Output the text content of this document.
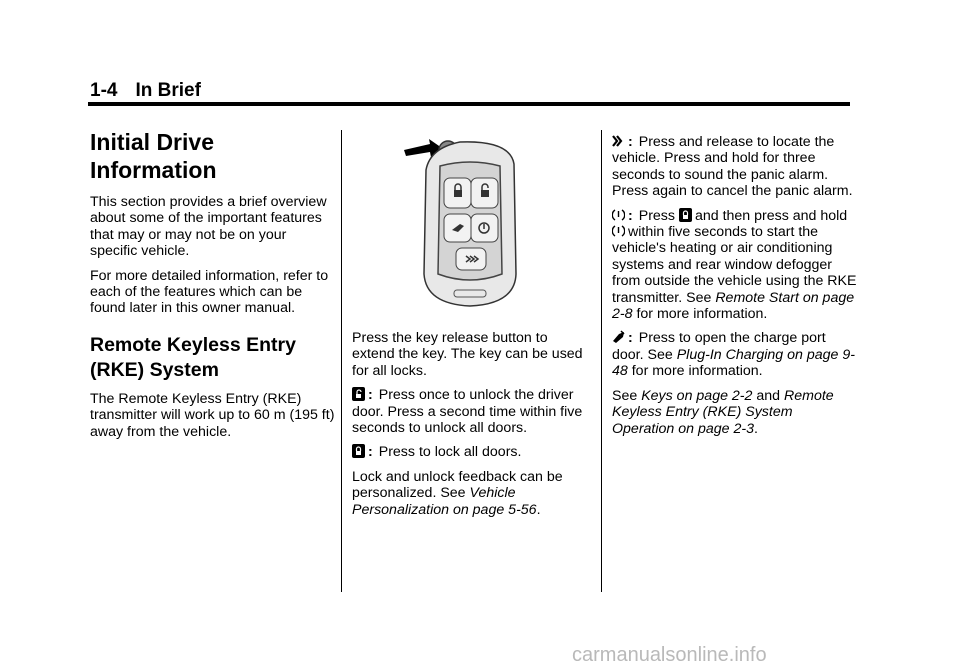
1-4 In Brief
Initial Drive Information

This section provides a brief overview about some of the important features that may or may not be on your specific vehicle.

For more detailed information, refer to each of the features which can be found later in this owner manual.

Remote Keyless Entry (RKE) System

The Remote Keyless Entry (RKE) transmitter will work up to 60 m (195 ft) away from the vehicle.

Press the key release button to extend the key. The key can be used for all locks.

: Press once to unlock the driver door. Press a second time within five seconds to unlock all doors.

: Press to lock all doors.

Lock and unlock feedback can be personalized. See Vehicle Personalization on page 5-56.

: Press and release to locate the vehicle. Press and hold for three seconds to sound the panic alarm. Press again to cancel the panic alarm.

: Press and then press and hold
within five seconds to start the vehicle's heating or air conditioning systems and rear window defogger from outside the vehicle using the RKE transmitter. See Remote Start on page 2-8 for more information.

: Press to open the charge port door. See Plug-In Charging on page 9-48 for more information.

See Keys on page 2-2 and Remote Keyless Entry (RKE) System Operation on page 2-3.

carmanualsonline.info
